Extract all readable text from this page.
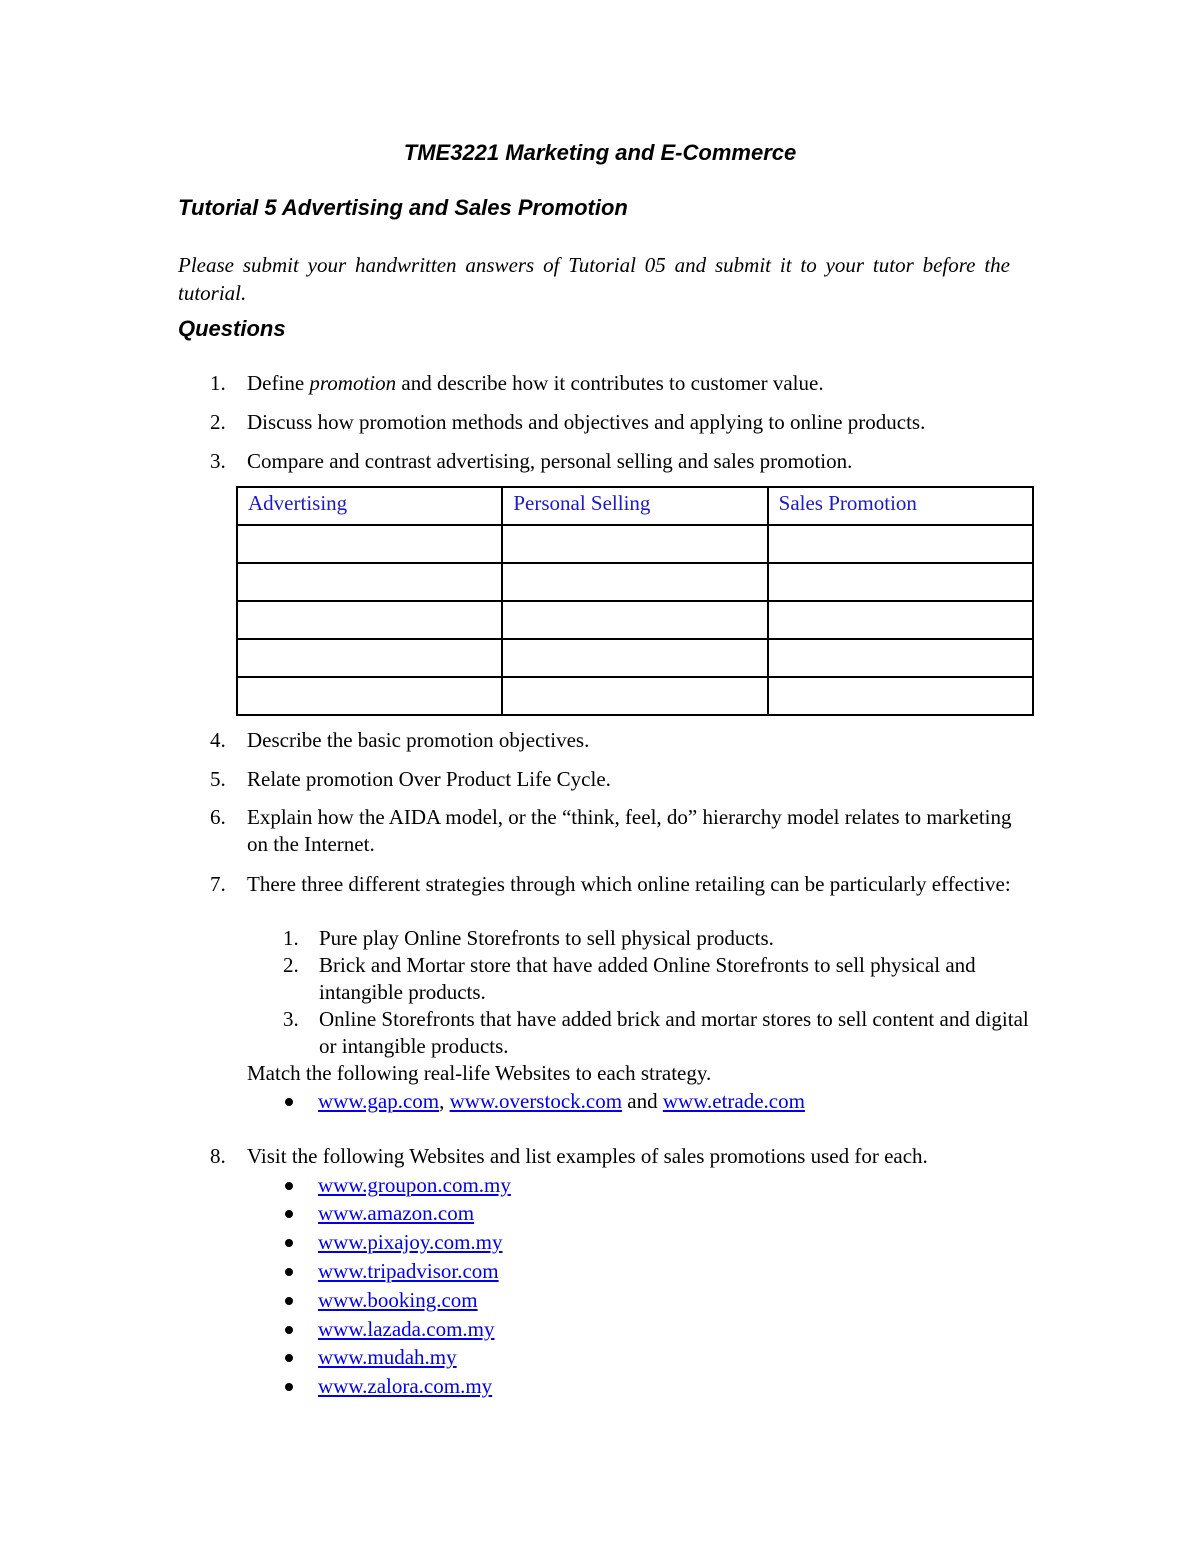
TME3221 Marketing and E-Commerce
Tutorial 5 Advertising and Sales Promotion
Please submit your handwritten answers of Tutorial 05 and submit it to your tutor before the tutorial.
Questions
1. Define promotion and describe how it contributes to customer value.
2. Discuss how promotion methods and objectives and applying to online products.
3. Compare and contrast advertising, personal selling and sales promotion.
Advertising	Personal Selling	Sales Promotion

4. Describe the basic promotion objectives.
5. Relate promotion Over Product Life Cycle.
6. Explain how the AIDA model, or the “think, feel, do” hierarchy model relates to marketing on the Internet.
7. There three different strategies through which online retailing can be particularly effective:
1. Pure play Online Storefronts to sell physical products.
2. Brick and Mortar store that have added Online Storefronts to sell physical and intangible products.
3. Online Storefronts that have added brick and mortar stores to sell content and digital or intangible products.
Match the following real-life Websites to each strategy.
www.gap.com, www.overstock.com and www.etrade.com
8. Visit the following Websites and list examples of sales promotions used for each.
www.groupon.com.my
www.amazon.com
www.pixajoy.com.my
www.tripadvisor.com
www.booking.com
www.lazada.com.my
www.mudah.my
www.zalora.com.my
